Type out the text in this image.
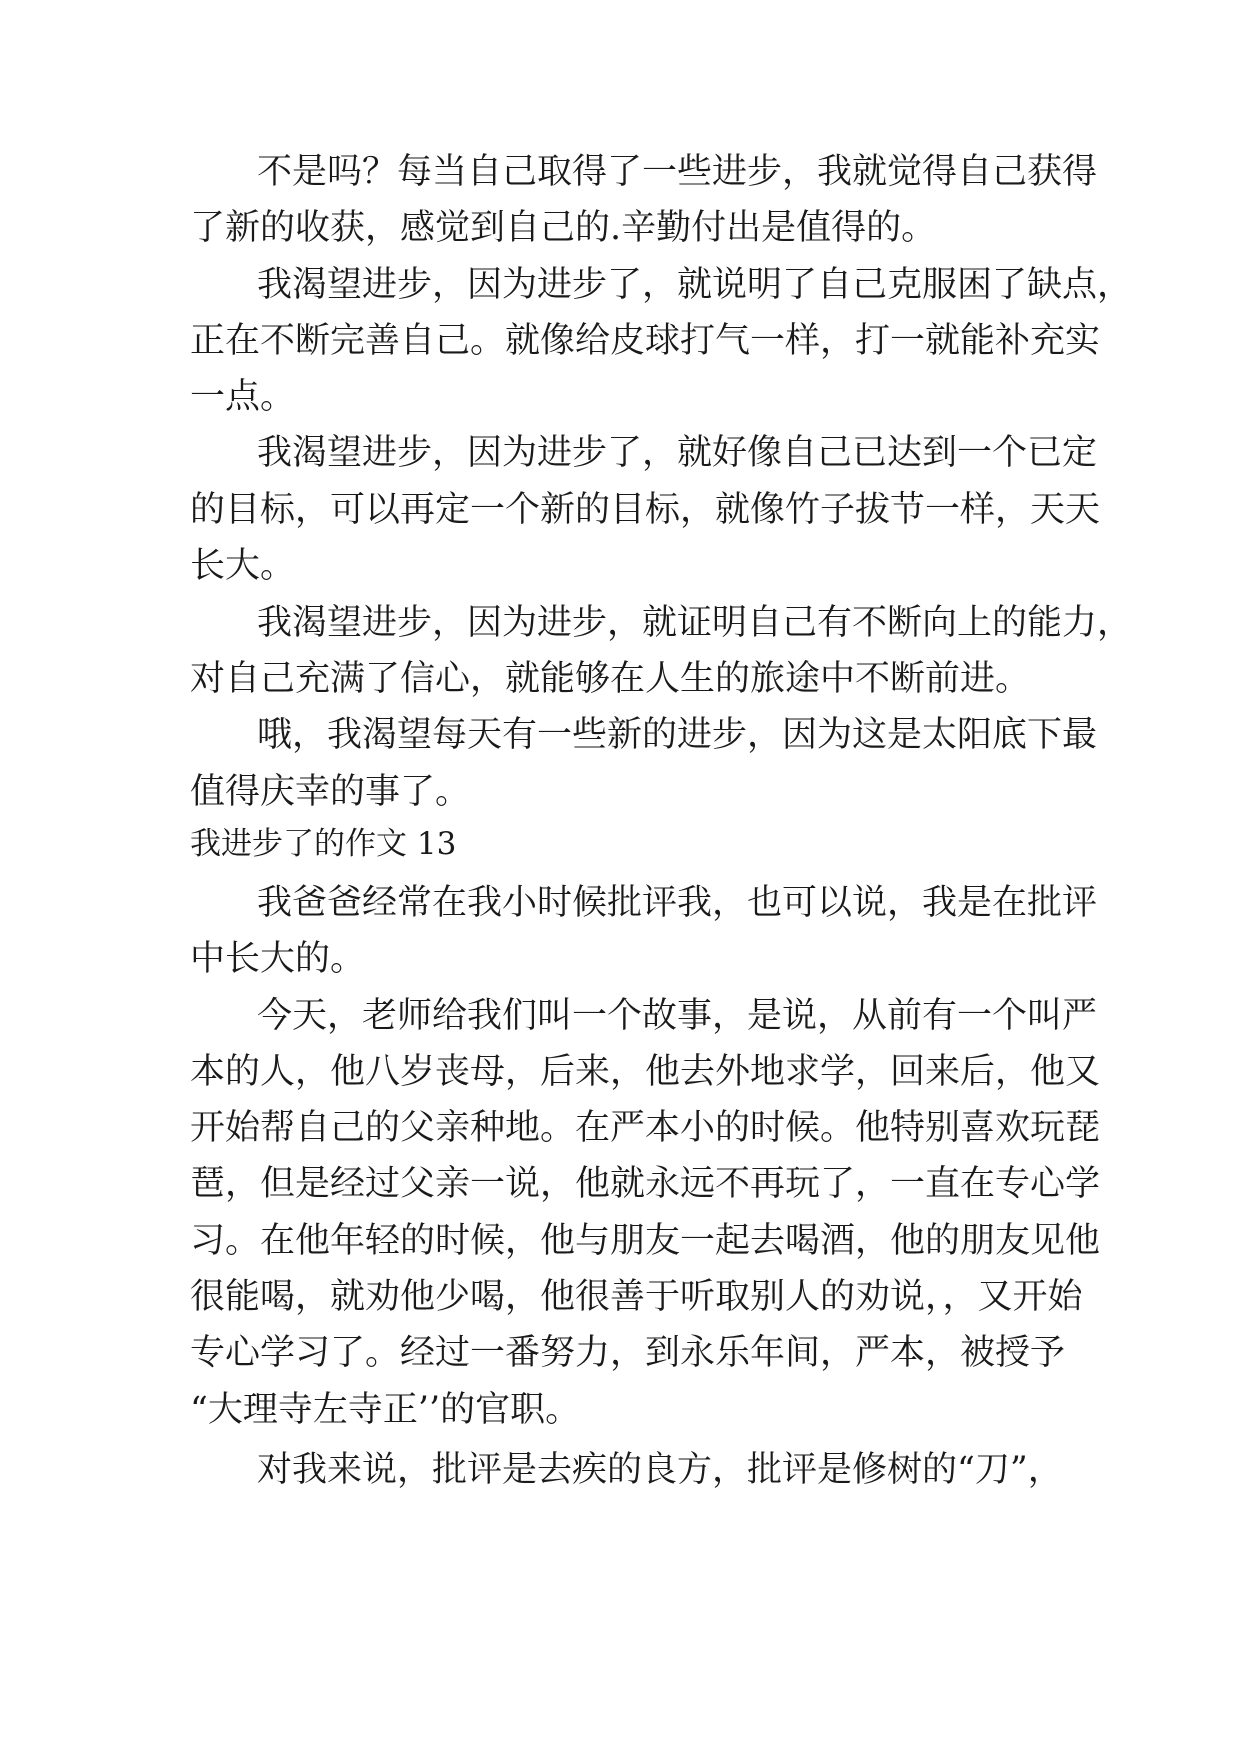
不是吗？每当自己取得了一些进步，我就觉得自己获得
了新的收获，感觉到自己的.辛勤付出是值得的。
我渴望进步，因为进步了，就说明了自己克服困了缺点，
正在不断完善自己。就像给皮球打气一样，打一就能补充实
一点。
我渴望进步，因为进步了，就好像自己已达到一个已定
的目标，可以再定一个新的目标，就像竹子拔节一样，天天
长大。
我渴望进步，因为进步，就证明自己有不断向上的能力，
对自己充满了信心，就能够在人生的旅途中不断前进。
哦，我渴望每天有一些新的进步，因为这是太阳底下最
值得庆幸的事了。
我进步了的作文 13
我爸爸经常在我小时候批评我，也可以说，我是在批评
中长大的。
今天，老师给我们叫一个故事，是说，从前有一个叫严
本的人，他八岁丧母，后来，他去外地求学，回来后，他又
开始帮自己的父亲种地。在严本小的时候。他特别喜欢玩琵
琶，但是经过父亲一说，他就永远不再玩了，一直在专心学
习。在他年轻的时候，他与朋友一起去喝酒，他的朋友见他
很能喝，就劝他少喝，他很善于听取别人的劝说，，又开始
专心学习了。经过一番努力，到永乐年间，严本，被授予
“大理寺左寺正’’的官职。
对我来说，批评是去疾的良方，批评是修树的“刀”，
